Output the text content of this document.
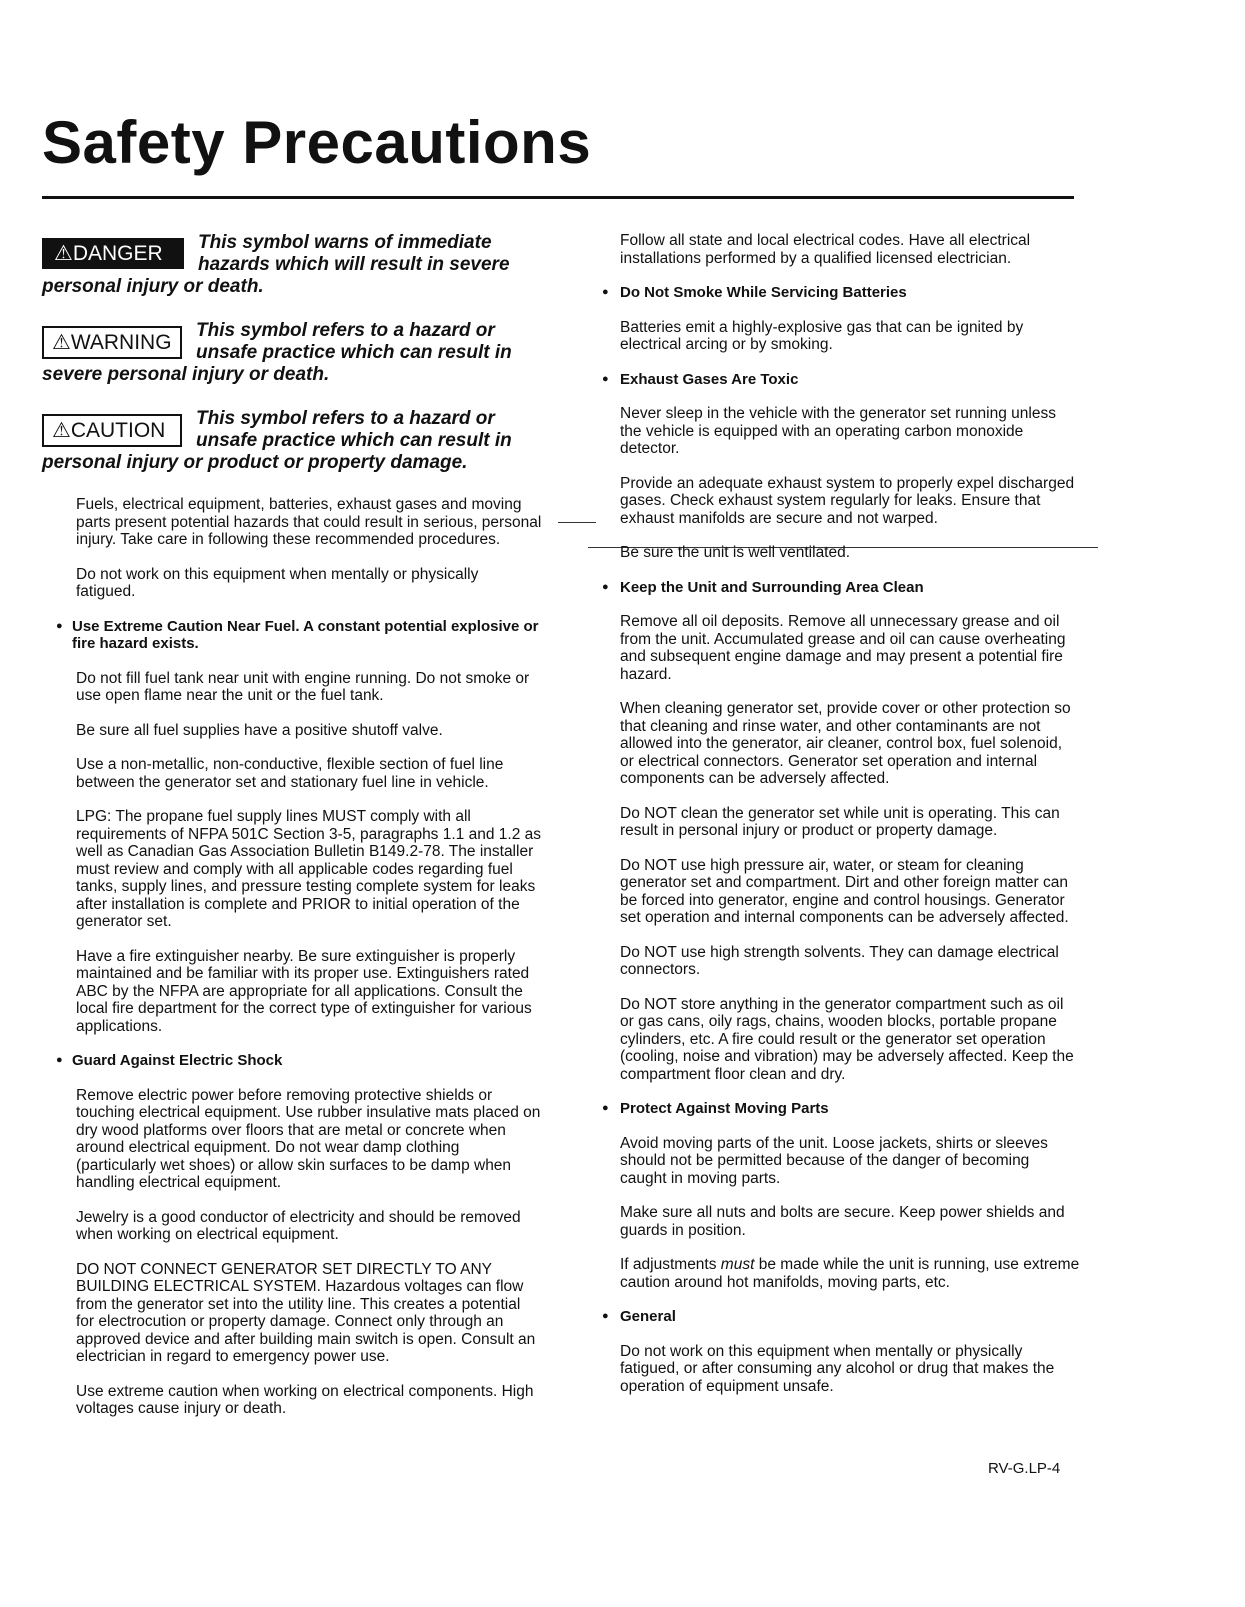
Safety Precautions
⚠DANGER	This symbol warns of immediate hazards which will result in severe personal injury or death.
⚠WARNING
This symbol refers to a hazard or unsafe practice which can result in severe personal injury or death.
⚠CAUTION
This symbol refers to a hazard or unsafe practice which can result in personal injury or product or property damage.

Fuels, electrical equipment, batteries, exhaust gases and moving parts present potential hazards that could result in serious, personal injury. Take care in following these recommended procedures.

Do not work on this equipment when mentally or physically fatigued.

● Use Extreme Caution Near Fuel. A constant potential explosive or fire hazard exists.

Do not fill fuel tank near unit with engine running. Do not smoke or use open flame near the unit or the fuel tank.

Be sure all fuel supplies have a positive shutoff valve.

Use a non-metallic, non-conductive, flexible section of fuel line between the generator set and stationary fuel line in vehicle.

LPG: The propane fuel supply lines MUST comply with all requirements of NFPA 501C Section 3-5, paragraphs 1.1 and 1.2 as well as Canadian Gas Association Bulletin B149.2-78. The installer must review and comply with all applicable codes regarding fuel tanks, supply lines, and pressure testing complete system for leaks after installation is complete and PRIOR to initial operation of the generator set.

Have a fire extinguisher nearby. Be sure extinguisher is properly maintained and be familiar with its proper use. Extinguishers rated ABC by the NFPA are appropriate for all applications. Consult the local fire department for the correct type of extinguisher for various applications.

● Guard Against Electric Shock

Remove electric power before removing protective shields or touching electrical equipment. Use rubber insulative mats placed on dry wood platforms over floors that are metal or concrete when around electrical equipment. Do not wear damp clothing (particularly wet shoes) or allow skin surfaces to be damp when handling electrical equipment.

Jewelry is a good conductor of electricity and should be removed when working on electrical equipment.

DO NOT CONNECT GENERATOR SET DIRECTLY TO ANY BUILDING ELECTRICAL SYSTEM. Hazardous voltages can flow from the generator set into the utility line. This creates a potential for electrocution or property damage. Connect only through an approved device and after building main switch is open. Consult an electrician in regard to emergency power use.

Use extreme caution when working on electrical components. High voltages cause injury or death.

Follow all state and local electrical codes. Have all electrical installations performed by a qualified licensed electrician.

● Do Not Smoke While Servicing Batteries

Batteries emit a highly-explosive gas that can be ignited by electrical arcing or by smoking.

● Exhaust Gases Are Toxic

Never sleep in the vehicle with the generator set running unless the vehicle is equipped with an operating carbon monoxide detector.

Provide an adequate exhaust system to properly expel discharged gases. Check exhaust system regularly for leaks. Ensure that exhaust manifolds are secure and not warped.

Be sure the unit is well ventilated.

● Keep the Unit and Surrounding Area Clean

Remove all oil deposits. Remove all unnecessary grease and oil from the unit. Accumulated grease and oil can cause overheating and subsequent engine damage and may present a potential fire hazard.

When cleaning generator set, provide cover or other protection so that cleaning and rinse water, and other contaminants are not allowed into the generator, air cleaner, control box, fuel solenoid, or electrical connectors. Generator set operation and internal components can be adversely affected.

Do NOT clean the generator set while unit is operating. This can result in personal injury or product or property damage.

Do NOT use high pressure air, water, or steam for cleaning generator set and compartment. Dirt and other foreign matter can be forced into generator, engine and control housings. Generator set operation and internal components can be adversely affected.

Do NOT use high strength solvents. They can damage electrical connectors.

Do NOT store anything in the generator compartment such as oil or gas cans, oily rags, chains, wooden blocks, portable propane cylinders, etc. A fire could result or the generator set operation (cooling, noise and vibration) may be adversely affected. Keep the compartment floor clean and dry.

● Protect Against Moving Parts

Avoid moving parts of the unit. Loose jackets, shirts or sleeves should not be permitted because of the danger of becoming caught in moving parts.

Make sure all nuts and bolts are secure. Keep power shields and guards in position.

If adjustments must be made while the unit is running, use extreme caution around hot manifolds, moving parts, etc.

● General

Do not work on this equipment when mentally or physically fatigued, or after consuming any alcohol or drug that makes the operation of equipment unsafe.

RV-G.LP-4
